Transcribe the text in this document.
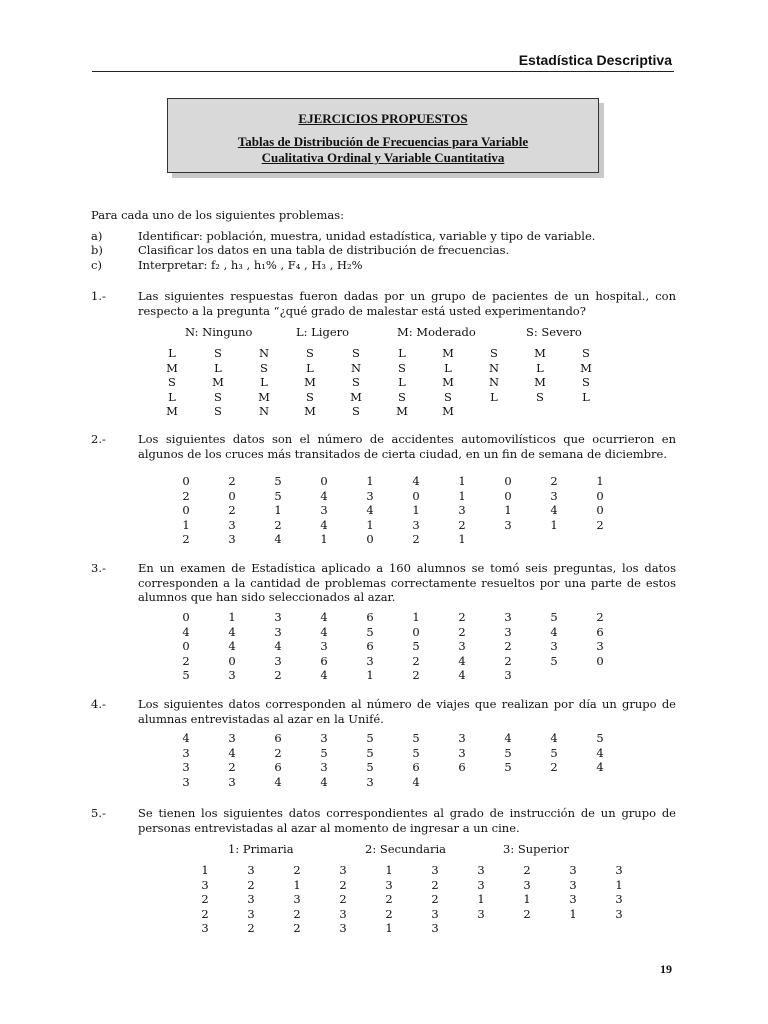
Estadística Descriptiva
EJERCICIOS PROPUESTOS
Tablas de Distribución de Frecuencias para Variable
Cualitativa Ordinal y Variable Cuantitativa
Para cada uno de los siguientes problemas:
a)	Identificar: población, muestra, unidad estadística, variable y tipo de variable.
b)	Clasificar los datos en una tabla de distribución de frecuencias.
c)	Interpretar: f₂ , h₃ , h₁% , F₄ , H₃ , H₂%
1.-	Las siguientes respuestas fueron dadas por un grupo de pacientes de un hospital., con respecto a la pregunta “¿qué grado de malestar está usted experimentando?
N: Ninguno	L: Ligero	M: Moderado	S: Severo
L	S	N	S	S	L	M	S	M	S
M	L	S	L	N	S	L	N	L	M
S	M	L	M	S	L	M	N	M	S
L	S	M	S	M	S	S	L	S	L
M	S	N	M	S	M	M
2.-	Los siguientes datos son el número de accidentes automovilísticos que ocurrieron en algunos de los cruces más transitados de cierta ciudad, en un fin de semana de diciembre.
0	2	5	0	1	4	1	0	2	1
2	0	5	4	3	0	1	0	3	0
0	2	1	3	4	1	3	1	4	0
1	3	2	4	1	3	2	3	1	2
2	3	4	1	0	2	1
3.-	En un examen de Estadística aplicado a 160 alumnos se tomó seis preguntas, los datos corresponden a la cantidad de problemas correctamente resueltos por una parte de estos alumnos que han sido seleccionados al azar.
0	1	3	4	6	1	2	3	5	2
4	4	3	4	5	0	2	3	4	6
0	4	4	3	6	5	3	2	3	3
2	0	3	6	3	2	4	2	5	0
5	3	2	4	1	2	4	3
4.-	Los siguientes datos corresponden al número de viajes que realizan por día un grupo de alumnas entrevistadas al azar en la Unifé.
4	3	6	3	5	5	3	4	4	5
3	4	2	5	5	5	3	5	5	4
3	2	6	3	5	6	6	5	2	4
3	3	4	4	3	4
5.-	Se tienen los siguientes datos correspondientes al grado de instrucción de un grupo de personas entrevistadas al azar al momento de ingresar a un cine.
1: Primaria	2: Secundaria	3: Superior
1	3	2	3	1	3	3	2	3	3
3	2	1	2	3	2	3	3	3	1
2	3	3	2	2	2	1	1	3	3
2	3	2	3	2	3	3	2	1	3
3	2	2	3	1	3
19
